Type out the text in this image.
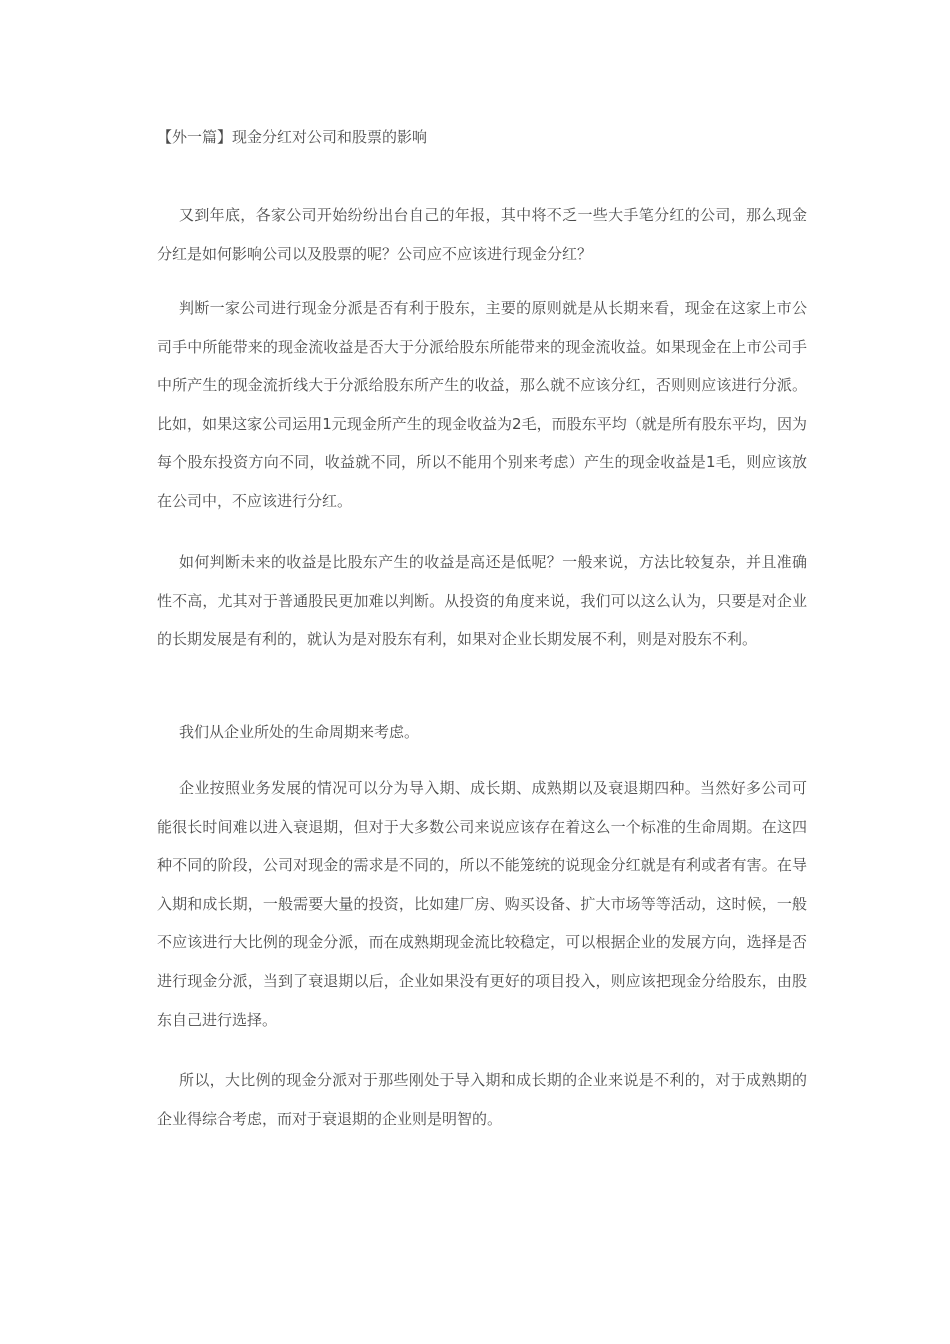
【外一篇】现金分红对公司和股票的影响

又到年底，各家公司开始纷纷出台自己的年报，其中将不乏一些大手笔分红的公司，那么现金分红是如何影响公司以及股票的呢？公司应不应该进行现金分红？

判断一家公司进行现金分派是否有利于股东，主要的原则就是从长期来看，现金在这家上市公司手中所能带来的现金流收益是否大于分派给股东所能带来的现金流收益。如果现金在上市公司手中所产生的现金流折线大于分派给股东所产生的收益，那么就不应该分红，否则则应该进行分派。比如，如果这家公司运用1元现金所产生的现金收益为2毛，而股东平均（就是所有股东平均，因为每个股东投资方向不同，收益就不同，所以不能用个别来考虑）产生的现金收益是1毛，则应该放在公司中，不应该进行分红。

如何判断未来的收益是比股东产生的收益是高还是低呢？一般来说，方法比较复杂，并且准确性不高，尤其对于普通股民更加难以判断。从投资的角度来说，我们可以这么认为，只要是对企业的长期发展是有利的，就认为是对股东有利，如果对企业长期发展不利，则是对股东不利。

我们从企业所处的生命周期来考虑。

企业按照业务发展的情况可以分为导入期、成长期、成熟期以及衰退期四种。当然好多公司可能很长时间难以进入衰退期，但对于大多数公司来说应该存在着这么一个标准的生命周期。在这四种不同的阶段，公司对现金的需求是不同的，所以不能笼统的说现金分红就是有利或者有害。在导入期和成长期，一般需要大量的投资，比如建厂房、购买设备、扩大市场等等活动，这时候，一般不应该进行大比例的现金分派，而在成熟期现金流比较稳定，可以根据企业的发展方向，选择是否进行现金分派，当到了衰退期以后，企业如果没有更好的项目投入，则应该把现金分给股东，由股东自己进行选择。

所以，大比例的现金分派对于那些刚处于导入期和成长期的企业来说是不利的，对于成熟期的企业得综合考虑，而对于衰退期的企业则是明智的。
